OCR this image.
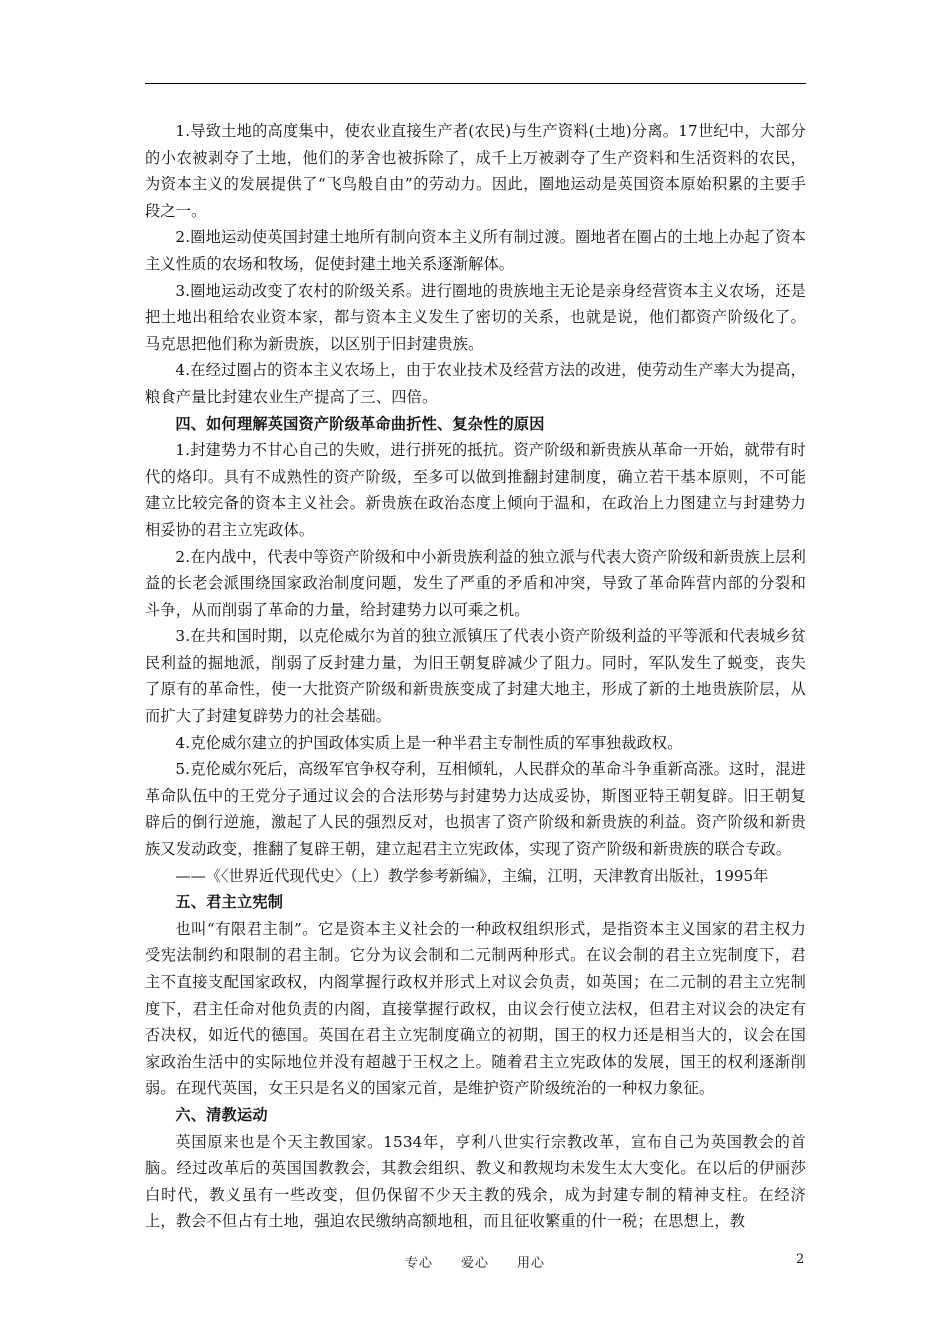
1.导致土地的高度集中，使农业直接生产者(农民)与生产资料(土地)分离。17世纪中，大部分的小农被剥夺了土地，他们的茅舍也被拆除了，成千上万被剥夺了生产资料和生活资料的农民，为资本主义的发展提供了“飞鸟般自由”的劳动力。因此，圈地运动是英国资本原始积累的主要手段之一。

2.圈地运动使英国封建土地所有制向资本主义所有制过渡。圈地者在圈占的土地上办起了资本主义性质的农场和牧场，促使封建土地关系逐渐解体。

3.圈地运动改变了农村的阶级关系。进行圈地的贵族地主无论是亲身经营资本主义农场，还是把土地出租给农业资本家，都与资本主义发生了密切的关系，也就是说，他们都资产阶级化了。马克思把他们称为新贵族，以区别于旧封建贵族。

4.在经过圈占的资本主义农场上，由于农业技术及经营方法的改进，使劳动生产率大为提高，粮食产量比封建农业生产提高了三、四倍。

四、如何理解英国资产阶级革命曲折性、复杂性的原因

1.封建势力不甘心自己的失败，进行拼死的抵抗。资产阶级和新贵族从革命一开始，就带有时代的烙印。具有不成熟性的资产阶级，至多可以做到推翻封建制度，确立若干基本原则，不可能建立比较完备的资本主义社会。新贵族在政治态度上倾向于温和，在政治上力图建立与封建势力相妥协的君主立宪政体。

2.在内战中，代表中等资产阶级和中小新贵族利益的独立派与代表大资产阶级和新贵族上层利益的长老会派围绕国家政治制度问题，发生了严重的矛盾和冲突，导致了革命阵营内部的分裂和斗争，从而削弱了革命的力量，给封建势力以可乘之机。

3.在共和国时期，以克伦威尔为首的独立派镇压了代表小资产阶级利益的平等派和代表城乡贫民利益的掘地派，削弱了反封建力量，为旧王朝复辟减少了阻力。同时，军队发生了蜕变，丧失了原有的革命性，使一大批资产阶级和新贵族变成了封建大地主，形成了新的土地贵族阶层，从而扩大了封建复辟势力的社会基础。

4.克伦威尔建立的护国政体实质上是一种半君主专制性质的军事独裁政权。

5.克伦威尔死后，高级军官争权夺利，互相倾轧，人民群众的革命斗争重新高涨。这时，混进革命队伍中的王党分子通过议会的合法形势与封建势力达成妥协，斯图亚特王朝复辟。旧王朝复辟后的倒行逆施，激起了人民的强烈反对，也损害了资产阶级和新贵族的利益。资产阶级和新贵族又发动政变，推翻了复辟王朝，建立起君主立宪政体，实现了资产阶级和新贵族的联合专政。

——《〈世界近代现代史〉（上）教学参考新编》，主编，江明，天津教育出版社，1995年

五、君主立宪制

也叫“有限君主制”。它是资本主义社会的一种政权组织形式，是指资本主义国家的君主权力受宪法制约和限制的君主制。它分为议会制和二元制两种形式。在议会制的君主立宪制度下，君主不直接支配国家政权，内阁掌握行政权并形式上对议会负责，如英国；在二元制的君主立宪制度下，君主任命对他负责的内阁，直接掌握行政权，由议会行使立法权，但君主对议会的决定有否决权，如近代的德国。英国在君主立宪制度确立的初期，国王的权力还是相当大的，议会在国家政治生活中的实际地位并没有超越于王权之上。随着君主立宪政体的发展，国王的权利逐渐削弱。在现代英国，女王只是名义的国家元首，是维护资产阶级统治的一种权力象征。

六、清教运动

英国原来也是个天主教国家。1534年，亨利八世实行宗教改革，宣布自己为英国教会的首脑。经过改革后的英国国教教会，其教会组织、教义和教规均未发生太大变化。在以后的伊丽莎白时代，教义虽有一些改变，但仍保留不少天主教的残余，成为封建专制的精神支柱。在经济上，教会不但占有土地，强迫农民缴纳高额地租，而且征收繁重的什一税；在思想上，教

专心　　爱心　　用心	2
